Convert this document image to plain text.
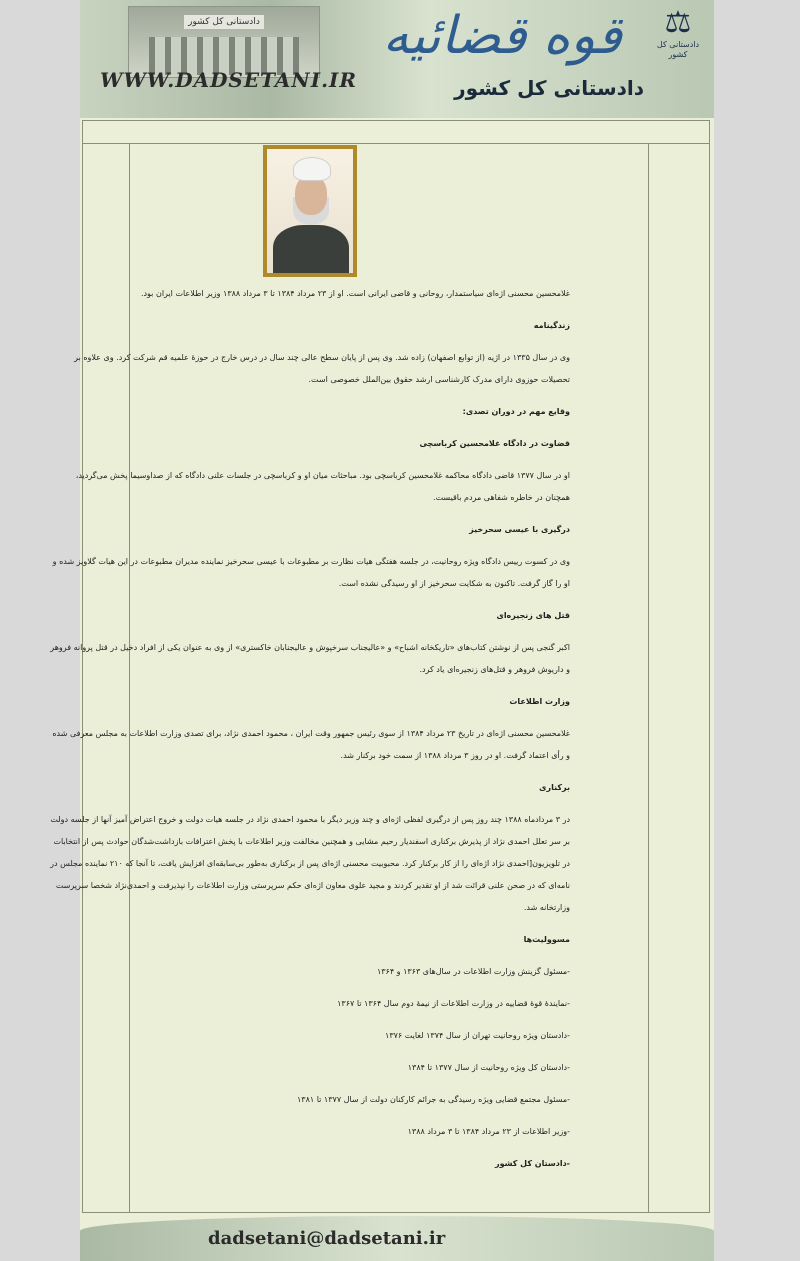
دادستانی کل کشور
WWW.DADSETANI.IR
قوه قضائیه
دادستانی کل کشور
⚖
دادستانی کل کشور
dadsetani@dadsetani.ir

غلامحسین محسنی اژه‌ای سیاستمدار، روحانی و قاضی ایرانی است. او از ۲۳ مرداد ۱۳۸۴ تا ۳ مرداد ۱۳۸۸ وزیر اطلاعات ایران بود.

زندگینامه

وی در سال ۱۳۳۵ در اژیه (از توابع اصفهان) زاده شد. وی پس از پایان سطح عالی چند سال در درس خارج در حوزهٔ علمیه قم شرکت کرد. وی علاوه بر تحصیلات حوزوی دارای مدرک کارشناسی ارشد حقوق بین‌الملل خصوصی است.

وقایع مهم در دوران تصدی:
قضاوت در دادگاه غلامحسین کرباسچی

او در سال ۱۳۷۷ قاضی دادگاه محاکمه غلامحسین کرباسچی بود. مباحثات میان او و کرباسچی در جلسات علنی دادگاه که از صداوسیما پخش می‌گردید، همچنان در خاطره شفاهی مردم باقیست.

درگیری با عیسی سحرخیز

وی در کسوت رییس دادگاه ویژه روحانیت، در جلسه هفتگی هیات نظارت بر مطبوعات با عیسی سحرخیز نماینده مدیران مطبوعات در این هیات گلاویز شده و او را گاز گرفت. تاکنون به شکایت سحرخیز از او رسیدگی نشده است.

قتل های زنجیره‌ای

اکبر گنجی پس از نوشتن کتاب‌های «تاریکخانه اشباح» و «عالیجناب سرخپوش و عالیجنابان خاکستری» از وی به عنوان یکی از افراد دخیل در قتل پروانه فروهر و داریوش فروهر و قتل‌های زنجیره‌ای یاد کرد.

وزارت اطلاعات

غلامحسین محسنی اژه‌ای در تاریخ ۲۳ مرداد ۱۳۸۴ از سوی رئیس جمهور وقت ایران ، محمود احمدی نژاد، برای تصدی وزارت اطلاعات به مجلس معرفی شده و رأی اعتماد گرفت. او در روز ۳ مرداد ۱۳۸۸ از سمت خود برکنار شد.

برکناری

در ۳ مردادماه ۱۳۸۸ چند روز پس از درگیری لفظی اژه‌ای و چند وزیر دیگر با محمود احمدی نژاد در جلسه هیات دولت و خروج اعتراض آمیز آنها از جلسه دولت بر سر تعلل احمدی نژاد از پذیرش برکناری اسفندیار رحیم مشایی و همچنین مخالفت وزیر اطلاعات با پخش اعترافات بازداشت‌شدگان حوادث پس از انتخابات در تلویزیون[احمدی نژاد اژه‌ای را از کار برکنار کرد. محبوبیت محسنی اژه‌ای پس از برکناری به‌طور بی‌سابقه‌ای افزایش یافت، تا آنجا که ۲۱۰ نماینده مجلس در نامه‌ای که در صحن علنی قرائت شد از او تقدیر کردند و مجید علوی معاون اژه‌ای حکم سرپرستی وزارت اطلاعات را نپذیرفت و احمدی‌نژاد شخصا سرپرست وزارتخانه شد.

مسوولیت‌ها

-مسئول گزینش وزارت اطلاعات در سال‌های ۱۳۶۳ و ۱۳۶۴

-نمایندهٔ قوهٔ قضاییه در وزارت اطلاعات از نیمهٔ دوم سال ۱۳۶۴ تا ۱۳۶۷

-دادستان ویژه روحانیت تهران از سال ۱۳۷۴ لغایت ۱۳۷۶

-دادستان کل ویژه روحانیت از سال ۱۳۷۷ تا ۱۳۸۴

-مسئول مجتمع قضایی ویژه رسیدگی به جرائم کارکنان دولت از سال ۱۳۷۷ تا ۱۳۸۱

-وزیر اطلاعات از ۲۳ مرداد ۱۳۸۴ تا ۳ مرداد ۱۳۸۸

-دادستان کل کشور
